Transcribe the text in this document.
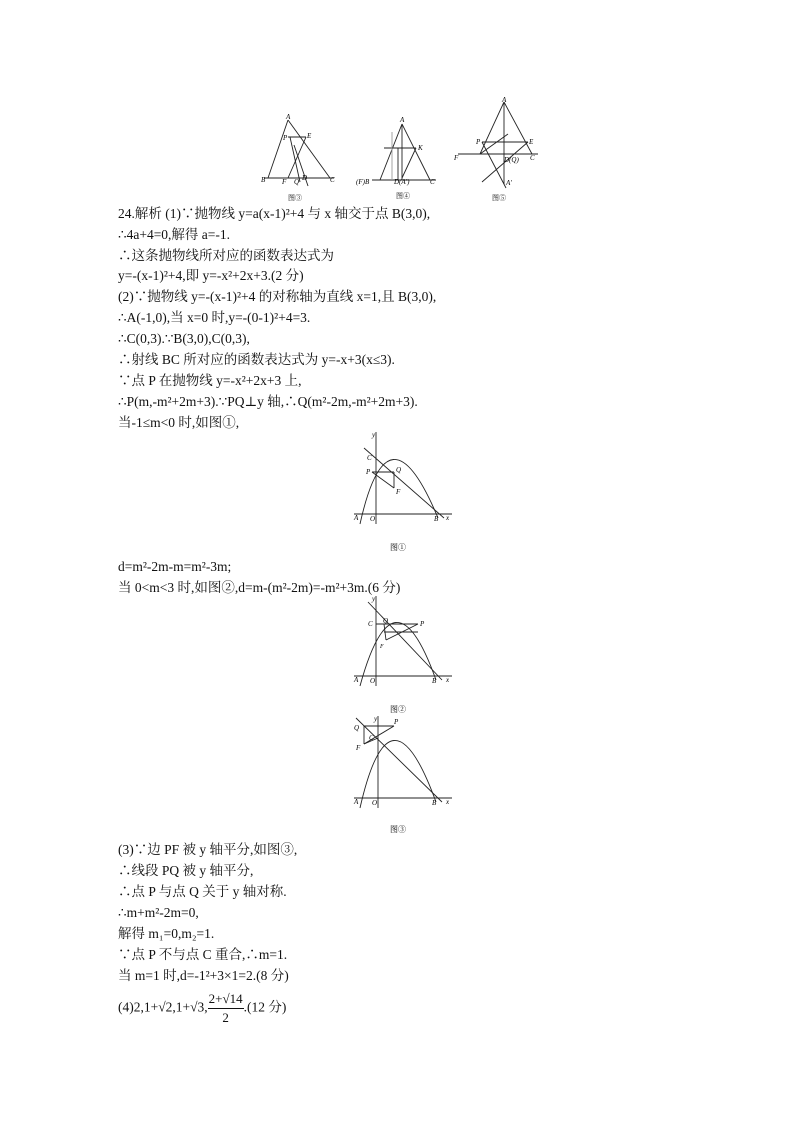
A
P	E
B F Q D	C
图③
A
K
(F)B	D(A')	C
图④
A
P	E
F	D(Q) C
A'
图⑤
24.解析 (1)∵抛物线 y=a(x-1)²+4 与 x 轴交于点 B(3,0),
∴4a+4=0,解得 a=-1.
∴这条抛物线所对应的函数表达式为
y=-(x-1)²+4,即 y=-x²+2x+3.(2 分)
(2)∵抛物线 y=-(x-1)²+4 的对称轴为直线 x=1,且 B(3,0),
∴A(-1,0),当 x=0 时,y=-(0-1)²+4=3.
∴C(0,3).∵B(3,0),C(0,3),
∴射线 BC 所对应的函数表达式为 y=-x+3(x≤3).
∵点 P 在抛物线 y=-x²+2x+3 上,
∴P(m,-m²+2m+3).∵PQ⊥y 轴,∴Q(m²-2m,-m²+2m+3).
当-1≤m<0 时,如图①,
y
C
P	Q
F
A O	B x
图①
d=m²-2m-m=m²-3m;
当 0<m<3 时,如图②,d=m-(m²-2m)=-m²+3m.(6 分)
y
C Q	P
F
A O	B x
图②
y P
Q
C
F
A O	B x
图③
(3)∵边 PF 被 y 轴平分,如图③,
∴线段 PQ 被 y 轴平分,
∴点 P 与点 Q 关于 y 轴对称.
∴m+m²-2m=0,
解得 m₁=0,m₂=1.
∵点 P 不与点 C 重合,∴m=1.
当 m=1 时,d=-1²+3×1=2.(8 分)
(4)2,1+√2,1+√3, $\frac{2+√14}{2} .(12$ 分)
